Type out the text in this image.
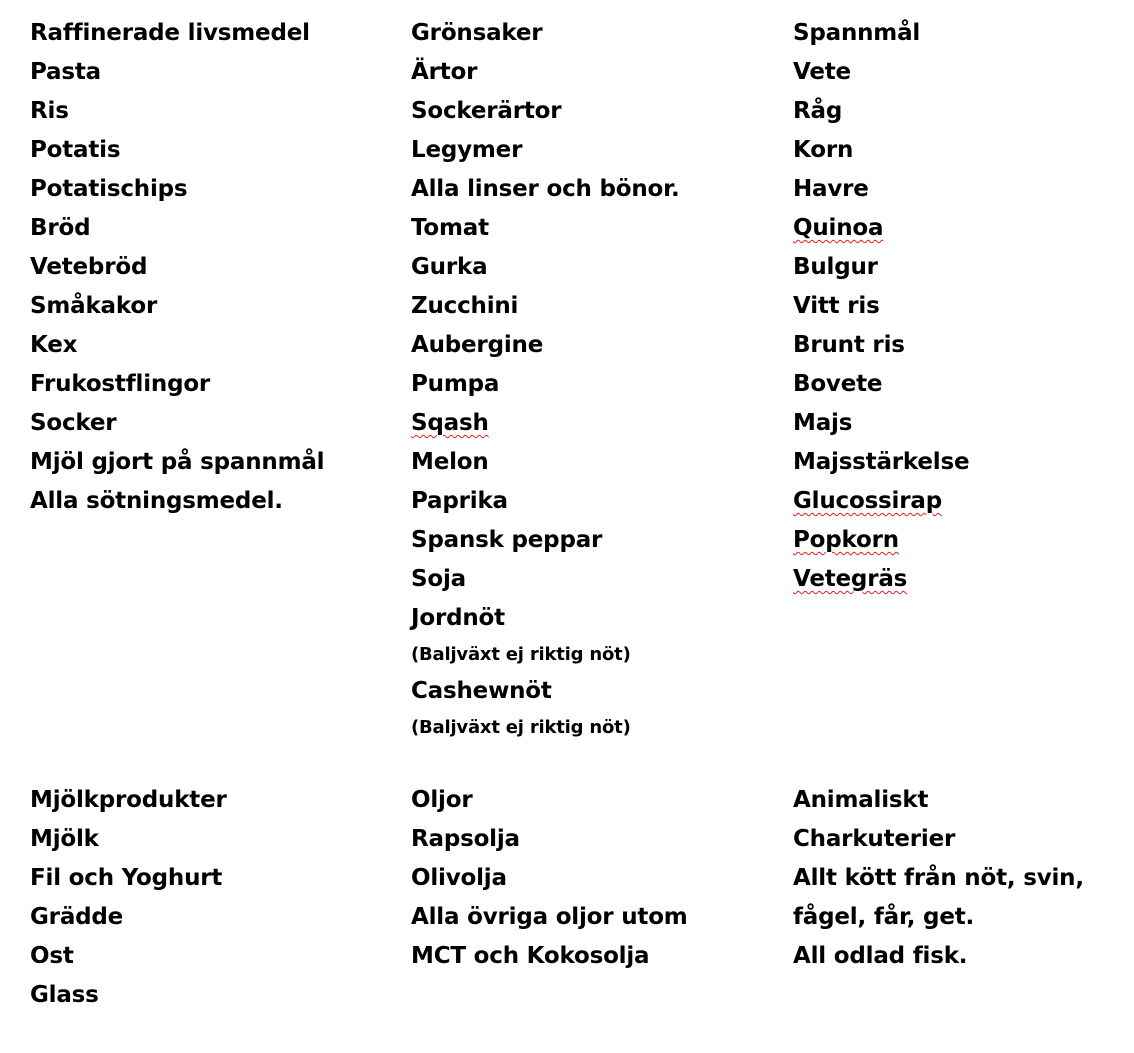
Raffinerade livsmedel
Pasta
Ris
Potatis
Potatischips
Bröd
Vetebröd
Småkakor
Kex
Frukostflingor
Socker
Mjöl gjort på spannmål
Alla sötningsmedel.
Grönsaker
Ärtor
Sockerärtor
Legymer
Alla linser och bönor.
Tomat
Gurka
Zucchini
Aubergine
Pumpa
Sqash
Melon
Paprika
Spansk peppar
Soja
Jordnöt
(Baljväxt ej riktig nöt)
Cashewnöt
(Baljväxt ej riktig nöt)
Spannmål
Vete
Råg
Korn
Havre
Quinoa
Bulgur
Vitt ris
Brunt ris
Bovete
Majs
Majsstärkelse
Glucossirap
Popkorn
Vetegräs
Mjölkprodukter
Mjölk
Fil och Yoghurt
Grädde
Ost
Glass
Oljor
Rapsolja
Olivolja
Alla övriga oljor utom
MCT och Kokosolja
Animaliskt
Charkuterier
Allt kött från nöt, svin,
fågel, får, get.
All odlad fisk.
